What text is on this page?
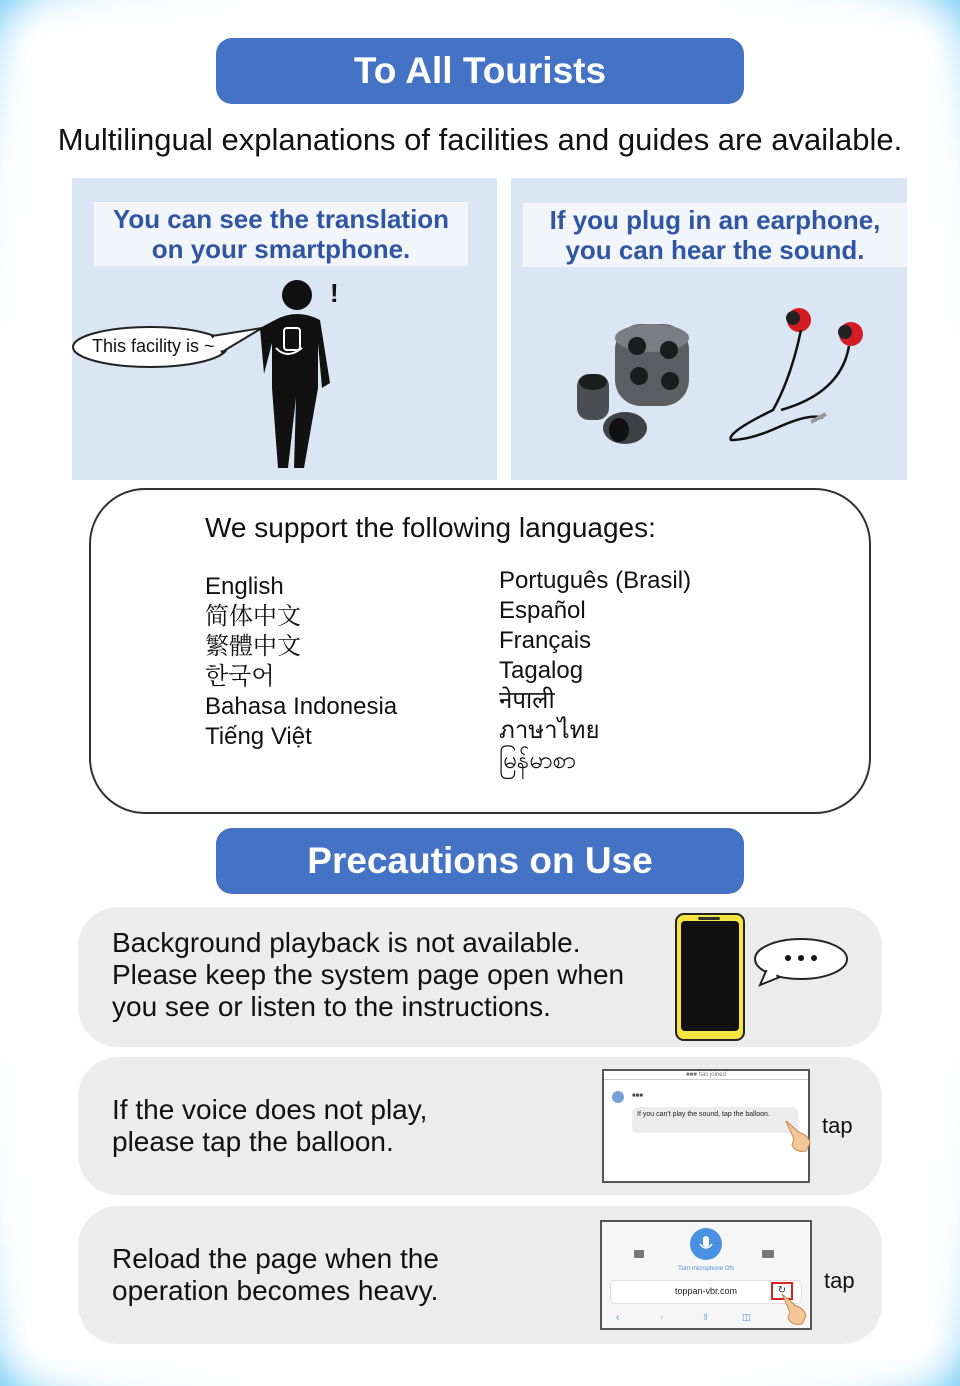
To All Tourists
Multilingual explanations of facilities and guides are available.
You can see the translation
on your smartphone.
This facility is ~
!
If you plug in an earphone,
you can hear the sound.
We support the following languages:
English
简体中文
繁體中文
한국어
Bahasa Indonesia
Tiếng Việt
Português (Brasil)
Español
Français
Tagalog
नेपाली
ภาษาไทย
မြန်မာစာ
Precautions on Use
Background playback is not available.
Please keep the system page open when
you see or listen to the instructions.
If the voice does not play,
please tap the balloon.
■■■ has joined
■■■
If you can't play the sound, tap the balloon.	tap
Reload the page when the
operation becomes heavy.
Turn microphone ON
toppan-vbr.com	↻
‹	›	⇧	◫
tap
